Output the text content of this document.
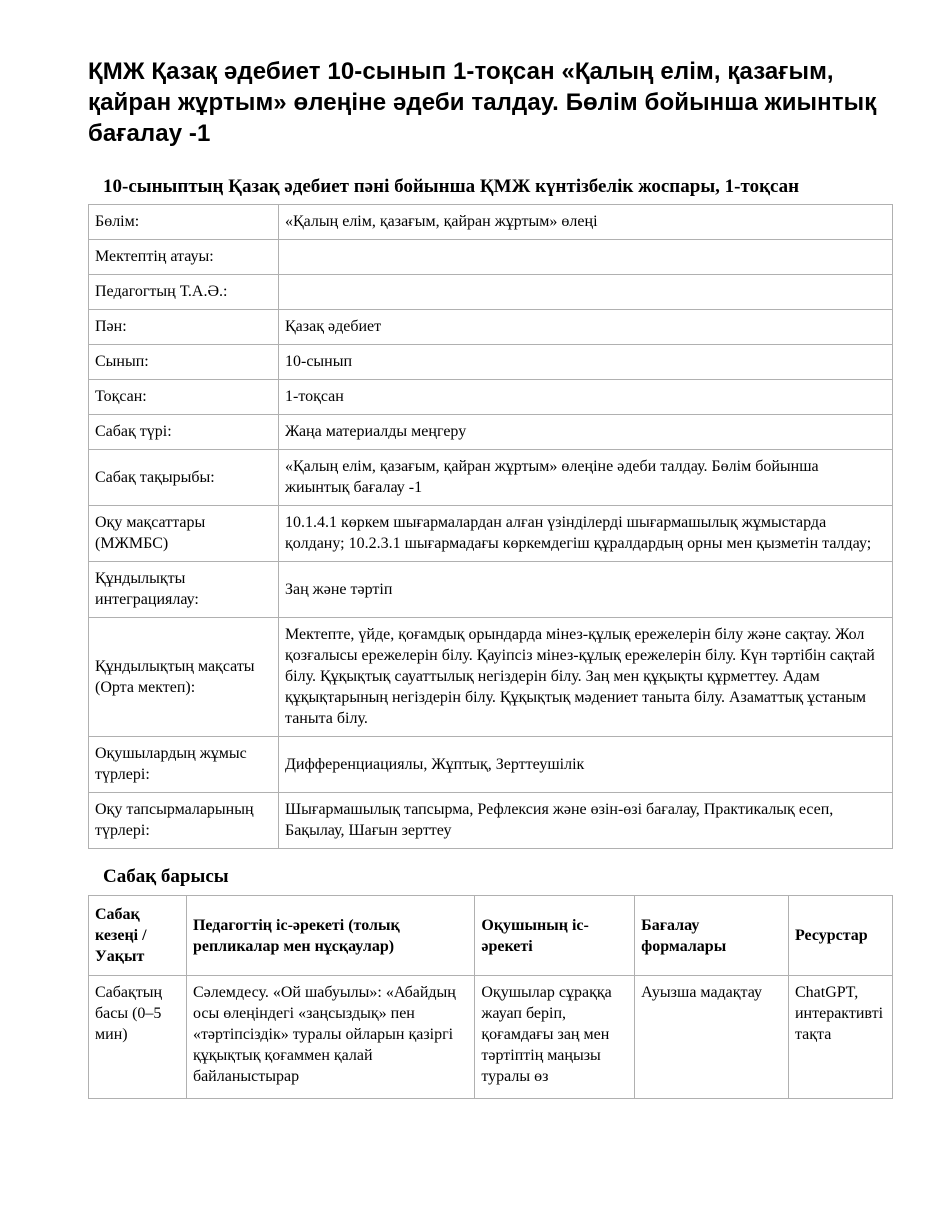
ҚМЖ Қазақ әдебиет 10-сынып 1-тоқсан «Қалың елім, қазағым, қайран жұртым» өлеңіне әдеби талдау. Бөлім бойынша жиынтық бағалау -1
10-сыныптың Қазақ әдебиет пәні бойынша ҚМЖ күнтізбелік жоспары, 1-тоқсан
Бөлім:	«Қалың елім, қазағым, қайран жұртым» өлеңі
Мектептің атауы:	
Педагогтың Т.А.Ә.:	
Пән:	Қазақ әдебиет
Сынып:	10-сынып
Тоқсан:	1-тоқсан
Сабақ түрі:	Жаңа материалды меңгеру
Сабақ тақырыбы:	«Қалың елім, қазағым, қайран жұртым» өлеңіне әдеби талдау. Бөлім бойынша жиынтық бағалау -1
Оқу мақсаттары (МЖМБС)	10.1.4.1 көркем шығармалардан алған үзінділерді шығармашылық жұмыстарда қолдану; 10.2.3.1 шығармадағы көркемдегіш құралдардың орны мен қызметін талдау;
Құндылықты интеграциялау:	Заң және тәртіп
Құндылықтың мақсаты (Орта мектеп):	Мектепте, үйде, қоғамдық орындарда мінез-құлық ережелерін білу және сақтау. Жол қозғалысы ережелерін білу. Қауіпсіз мінез-құлық ережелерін білу. Күн тәртібін сақтай білу. Құқықтық сауаттылық негіздерін білу. Заң мен құқықты құрметтеу. Адам құқықтарының негіздерін білу. Құқықтық мәдениет таныта білу. Азаматтық ұстаным таныта білу.
Оқушылардың жұмыс түрлері:	Дифференциациялы, Жұптық, Зерттеушілік
Оқу тапсырмаларының түрлері:	Шығармашылық тапсырма, Рефлексия және өзін-өзі бағалау, Практикалық есеп, Бақылау, Шағын зерттеу
Сабақ барысы
Сабақ кезеңі / Уақыт	Педагогтің іс-әрекеті (толық репликалар мен нұсқаулар)	Оқушының іс-әрекеті	Бағалау формалары	Ресурстар
Сабақтың басы (0–5 мин)	Сәлемдесу. «Ой шабуылы»: «Абайдың осы өлеңіндегі «заңсыздық» пен «тәртіпсіздік» туралы ойларын қазіргі құқықтық қоғаммен қалай байланыстырар	Оқушылар сұраққа жауап беріп, қоғамдағы заң мен тәртіптің маңызы туралы өз	Ауызша мадақтау	ChatGPT, интерактивті тақта
